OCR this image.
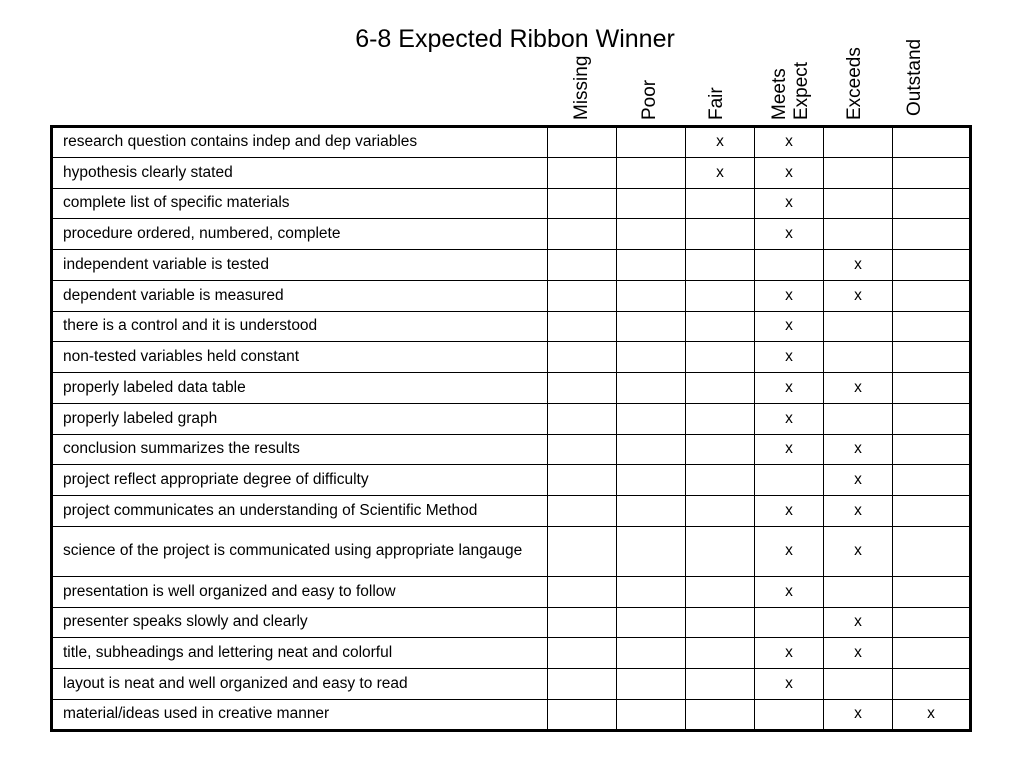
6-8 Expected Ribbon Winner
Missing Poor Fair Meets Expect Exceeds Outstand
research question contains indep and dep variables			x	x		
hypothesis clearly stated			x	x		
complete list of specific materials				x		
procedure ordered, numbered, complete				x		
independent variable is tested					x	
dependent variable is measured				x	x	
there is a control and it is understood				x		
non-tested variables held constant				x		
properly labeled data table				x	x	
properly labeled graph				x		
conclusion summarizes the results				x	x	
project reflect appropriate degree of difficulty					x	
project communicates an understanding of Scientific Method				x	x	
science of the project is communicated using appropriate langauge				x	x	
presentation is well organized and easy to follow				x		
presenter speaks slowly and clearly					x	
title, subheadings and lettering neat and colorful				x	x	
layout is neat and well organized and easy to read				x		
material/ideas used in creative manner					x	x
